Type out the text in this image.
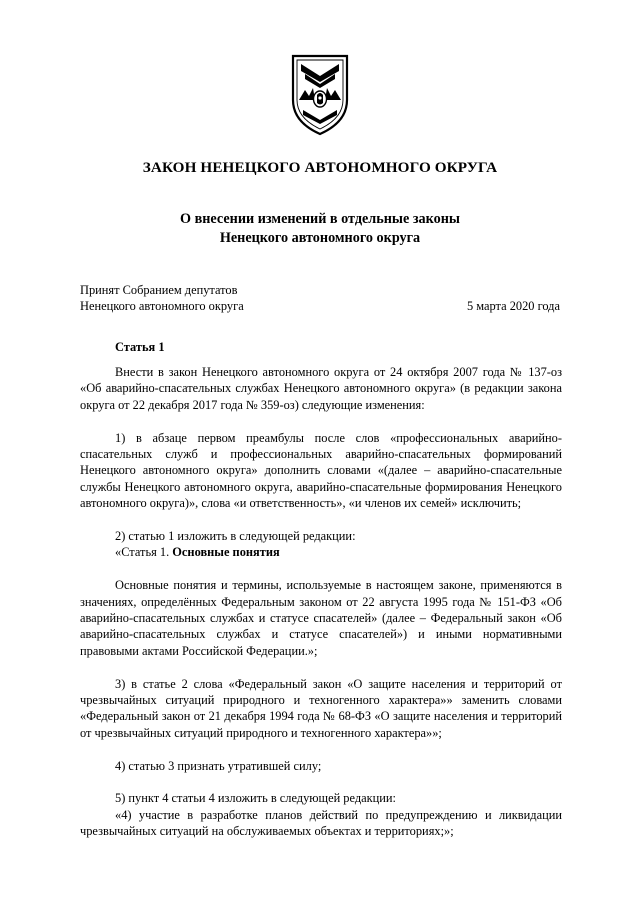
ЗАКОН НЕНЕЦКОГО АВТОНОМНОГО ОКРУГА
О внесении изменений в отдельные законы
Ненецкого автономного округа
Принят Собранием депутатов
Ненецкого автономного округа	5 марта 2020 года
Статья 1

Внести в закон Ненецкого автономного округа от 24 октября 2007 года № 137-оз «Об аварийно-спасательных службах Ненецкого автономного округа» (в редакции закона округа от 22 декабря 2017 года № 359-оз) следующие изменения:

1) в абзаце первом преамбулы после слов «профессиональных аварийно-спасательных служб и профессиональных аварийно-спасательных формирований Ненецкого автономного округа» дополнить словами «(далее – аварийно-спасательные службы Ненецкого автономного округа, аварийно-спасательные формирования Ненецкого автономного округа)», слова «и ответственность», «и членов их семей» исключить;

2) статью 1 изложить в следующей редакции:

«Статья 1. Основные понятия

Основные понятия и термины, используемые в настоящем законе, применяются в значениях, определённых Федеральным законом от 22 августа 1995 года № 151-ФЗ «Об аварийно-спасательных службах и статусе спасателей» (далее – Федеральный закон «Об аварийно-спасательных службах и статусе спасателей») и иными нормативными правовыми актами Российской Федерации.»;

3) в статье 2 слова «Федеральный закон «О защите населения и территорий от чрезвычайных ситуаций природного и техногенного характера»» заменить словами «Федеральный закон от 21 декабря 1994 года № 68-ФЗ «О защите населения и территорий от чрезвычайных ситуаций природного и техногенного характера»»;

4) статью 3 признать утратившей силу;

5) пункт 4 статьи 4 изложить в следующей редакции:

«4) участие в разработке планов действий по предупреждению и ликвидации чрезвычайных ситуаций на обслуживаемых объектах и территориях;»;
